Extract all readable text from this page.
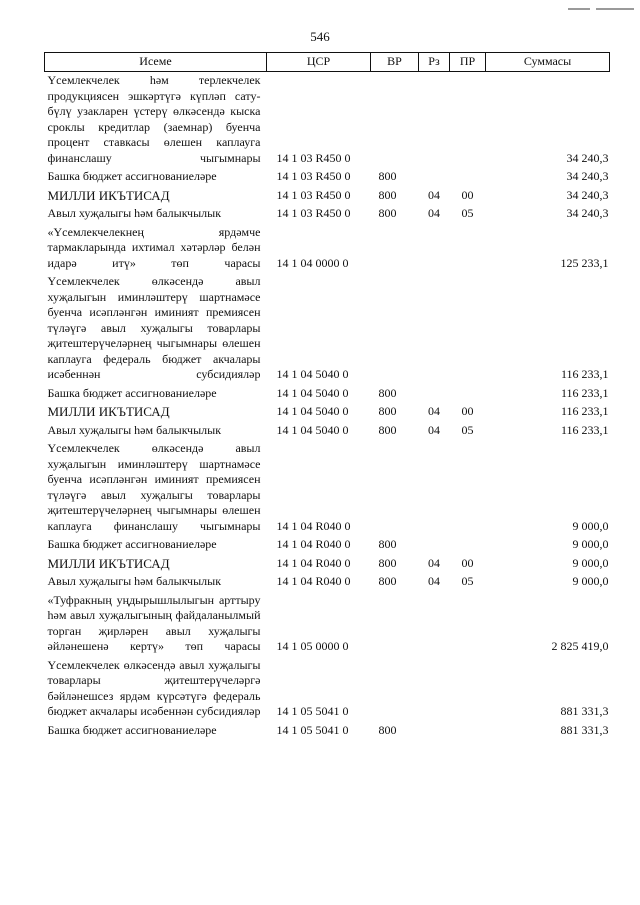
546
Исеме	ЦСР	ВР	Рз	ПР	Суммасы
Үсемлекчелек һәм терлекчелек продукциясен эшкәртүгә күпләп сату-бүлү узакларен үстерү өлкәсендә кыска сроклы кредитлар (заемнар) буенча процент ставкасы өлешен каплауга финанслашу чыгымнары	14 1 03 R450 0				34 240,3
Башка бюджет ассигнованиеләре	14 1 03 R450 0	800			34 240,3
МИЛЛИ ИКЪТИСАД	14 1 03 R450 0	800	04	00	34 240,3
Авыл хуҗалыгы һәм балыкчылык	14 1 03 R450 0	800	04	05	34 240,3
«Үсемлекчелекнең ярдәмче тармакларында ихтимал хәтәрләр белән идарә итү» төп чарасы	14 1 04 0000 0				125 233,1
Үсемлекчелек өлкәсендә авыл хуҗалыгын иминләштерү шартнамәсе буенча исәпләнгән иминият премиясен түләүгә авыл хуҗалыгы товарлары җитештерүчеләрнең чыгымнары өлешен каплауга федераль бюджет акчалары исәбеннән субсидияләр	14 1 04 5040 0				116 233,1
Башка бюджет ассигнованиеләре	14 1 04 5040 0	800			116 233,1
МИЛЛИ ИКЪТИСАД	14 1 04 5040 0	800	04	00	116 233,1
Авыл хуҗалыгы һәм балыкчылык	14 1 04 5040 0	800	04	05	116 233,1
Үсемлекчелек өлкәсендә авыл хуҗалыгын иминләштерү шартнамәсе буенча исәпләнгән иминият премиясен түләүгә авыл хуҗалыгы товарлары җитештерүчеләрнең чыгымнары өлешен каплауга финанслашу чыгымнары	14 1 04 R040 0				9 000,0
Башка бюджет ассигнованиеләре	14 1 04 R040 0	800			9 000,0
МИЛЛИ ИКЪТИСАД	14 1 04 R040 0	800	04	00	9 000,0
Авыл хуҗалыгы һәм балыкчылык	14 1 04 R040 0	800	04	05	9 000,0
«Туфракның уңдырышлылыгын арттыру һәм авыл хуҗалыгының файдаланылмый торган җирләрен авыл хуҗалыгы әйләнешенә кертү» төп чарасы	14 1 05 0000 0				2 825 419,0
Үсемлекчелек өлкәсендә авыл хуҗалыгы товарлары җитештерүчеләргә бәйләнешсез ярдәм күрсәтүгә федераль бюджет акчалары исәбеннән субсидияләр	14 1 05 5041 0				881 331,3
Башка бюджет ассигнованиеләре	14 1 05 5041 0	800			881 331,3
